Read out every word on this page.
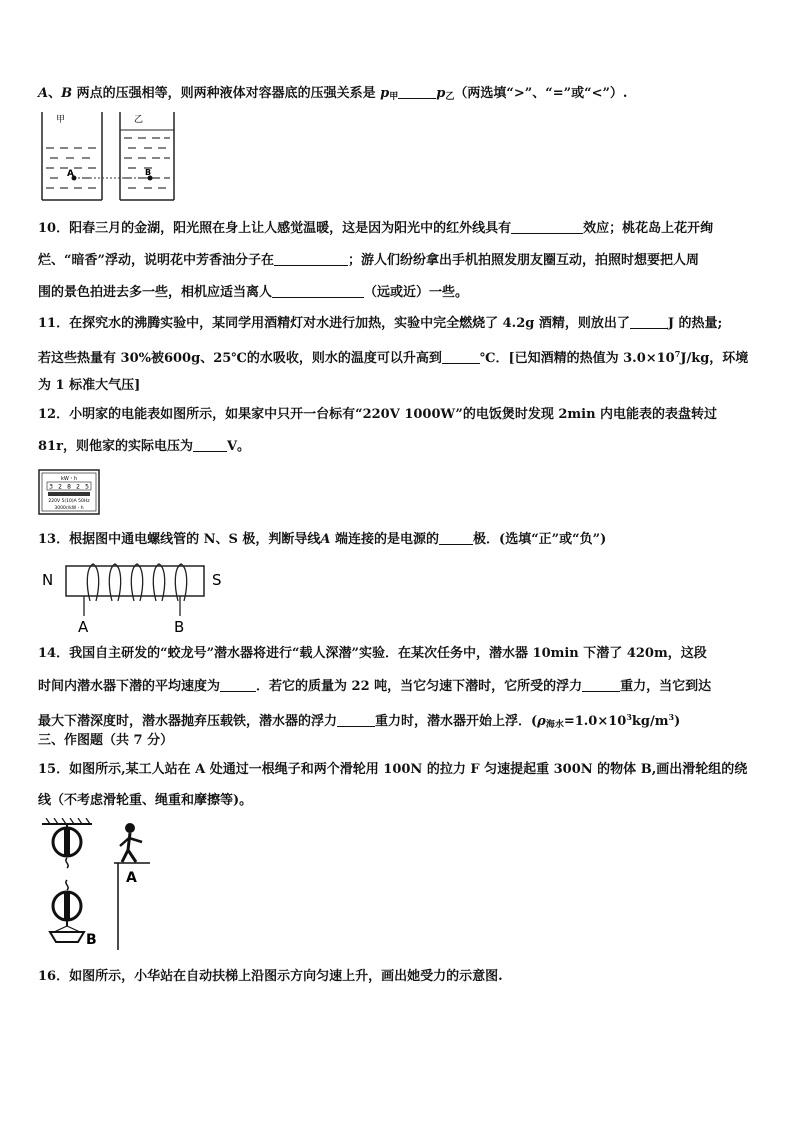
A、B 两点的压强相等，则两种液体对容器底的压强关系是 $p_甲$	$p_乙$（两选填“>”、“=”或“<”）.
甲	乙
A	B
10．阳春三月的金湖，阳光照在身上让人感觉温暖，这是因为阳光中的红外线具有	效应；桃花岛上花开绚
烂、“暗香”浮动，说明花中芳香油分子在	；游人们纷纷拿出手机拍照发朋友圈互动，拍照时想要把人周
围的景色拍进去多一些，相机应适当离人	（远或近）一些。
11．在探究水的沸腾实验中，某同学用酒精灯对水进行加热，实验中完全燃烧了 4.2g 酒精，则放出了	J 的热量;
若这些热量有 30%被600g、25℃的水吸收，则水的温度可以升高到	℃．[已知酒精的热值为 $3.0\times 10^7J/kg$，环境
为 1 标准大气压]
12．小明家的电能表如图所示，如果家中只开一台标有“220V 1000W”的电饭煲时发现 2min 内电能表的表盘转过
81r，则他家的实际电压为	V。
kW・h
3 2 8 2 5
220V 5(10)A 50Hz
3000r/kW・h
13．根据图中通电螺线管的 N、S 极，判断导线A 端连接的是电源的	极．(选填“正”或“负”)
N	S
A	B
14．我国自主研发的“蛟龙号”潜水器将进行“载人深潜”实验．在某次任务中，潜水器 10min 下潜了 420m，这段
时间内潜水器下潜的平均速度为	．若它的质量为 22 吨，当它匀速下潜时，它所受的浮力	重力，当它到达
最大下潜深度时，潜水器抛弃压载铁，潜水器的浮力	重力时，潜水器开始上浮．$(\rho_{海水}=1.0\times 10^3kg/m^3)$
三、作图题（共 7 分）
15．如图所示,某工人站在 A 处通过一根绳子和两个滑轮用 100N 的拉力 F 匀速提起重 300N 的物体 B,画出滑轮组的绕
线（不考虑滑轮重、绳重和摩擦等)。
B
A
16．如图所示，小华站在自动扶梯上沿图示方向匀速上升，画出她受力的示意图.
